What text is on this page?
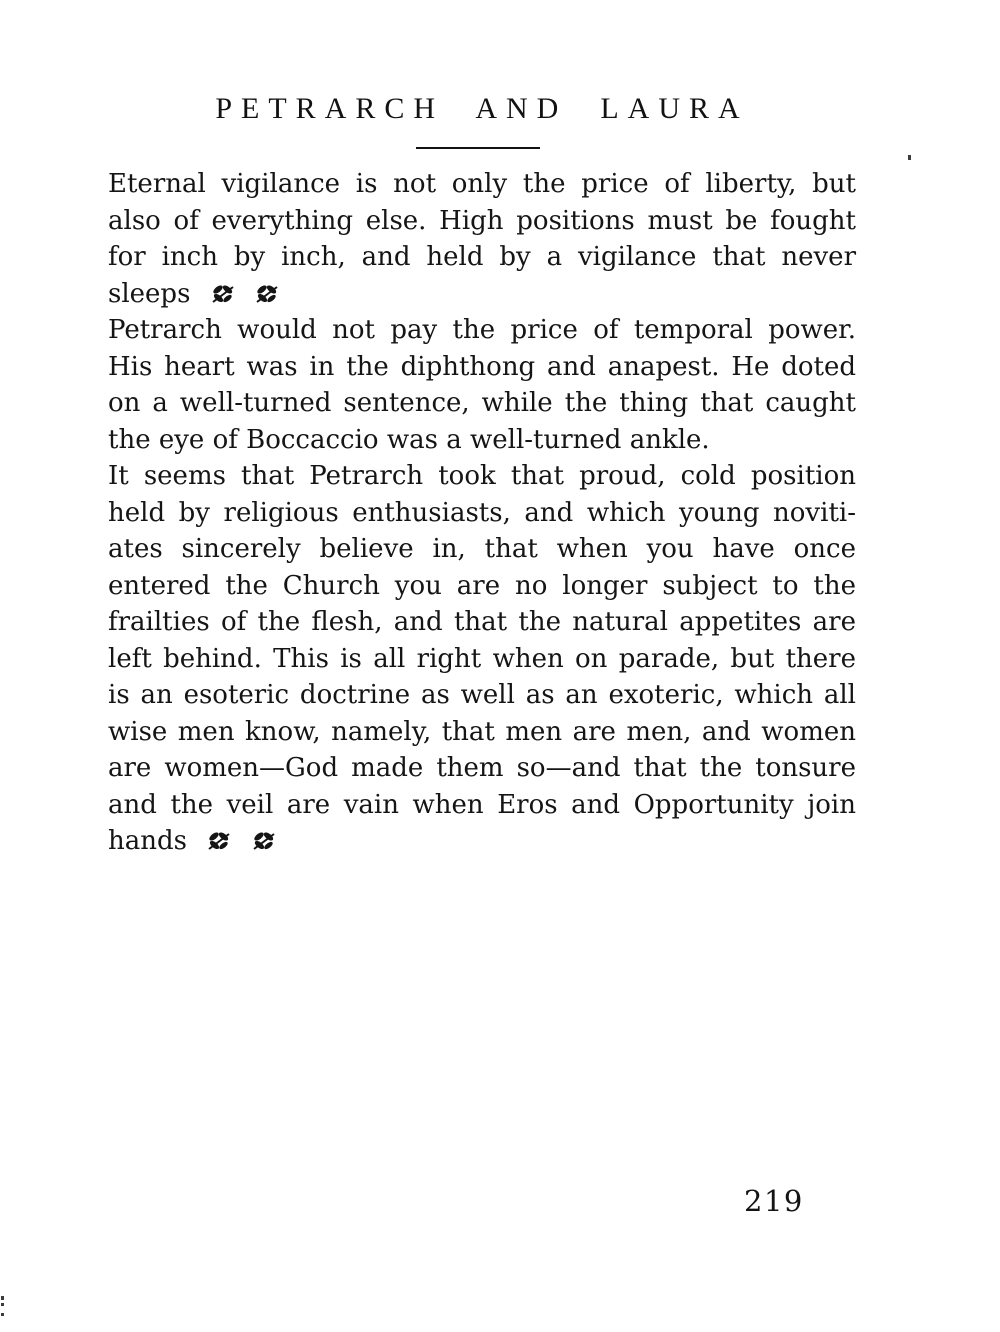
PETRARCH AND LAURA
Eternal vigilance is not only the price of liberty, but
also of everything else. High positions must be fought
for inch by inch, and held by a vigilance that never
sleeps
Petrarch would not pay the price of temporal power.
His heart was in the diphthong and anapest. He doted
on a well-turned sentence, while the thing that caught
the eye of Boccaccio was a well-turned ankle.
It seems that Petrarch took that proud, cold position
held by religious enthusiasts, and which young noviti-
ates sincerely believe in, that when you have once
entered the Church you are no longer subject to the
frailties of the flesh, and that the natural appetites are
left behind. This is all right when on parade, but there
is an esoteric doctrine as well as an exoteric, which all
wise men know, namely, that men are men, and women
are women—God made them so—and that the tonsure
and the veil are vain when Eros and Opportunity join
hands
219
